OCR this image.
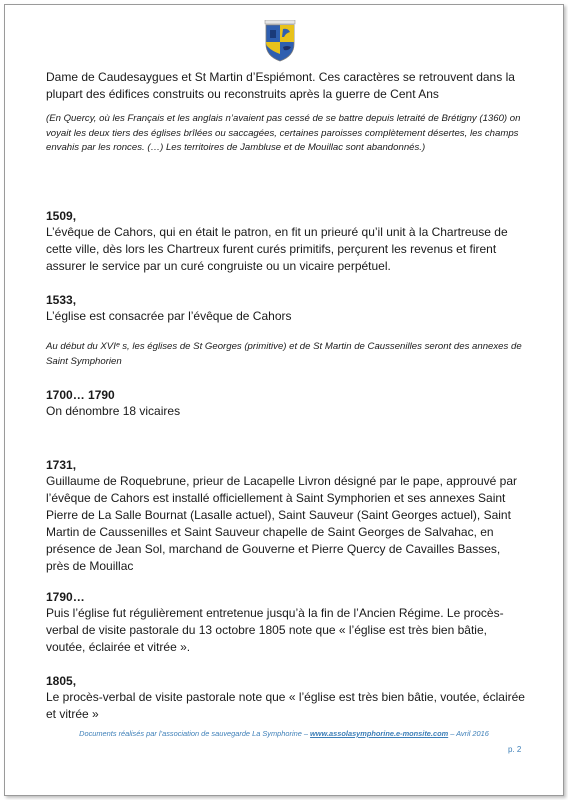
Dame de Caudesaygues et St Martin d’Espiémont. Ces caractères se retrouvent dans la plupart des édifices construits ou reconstruits après la guerre de Cent Ans

(En Quercy, où les Français et les anglais n’avaient pas cessé de se battre depuis letraité de Brétigny (1360) on voyait les deux tiers des églises brîlées ou saccagées, certaines paroisses complètement désertes, les champs envahis par les ronces. (…) Les territoires de Jambluse et de Mouillac sont abandonnés.)

1509,

L’évêque de Cahors, qui en était le patron, en fit un prieuré qu’il unit à la Chartreuse de cette ville, dès lors les Chartreux furent curés primitifs, perçurent les revenus et firent assurer le service par un curé congruiste ou un vicaire perpétuel.

1533,

L’église est consacrée par l’évêque de Cahors

Au début du XVIᵉ s, les églises de St Georges (primitive) et de St Martin de Caussenilles seront des annexes de Saint Symphorien

1700… 1790

On dénombre 18 vicaires

1731,

Guillaume de Roquebrune, prieur de Lacapelle Livron désigné par le pape, approuvé par l’évêque de Cahors est installé officiellement à Saint Symphorien et ses annexes Saint Pierre de La Salle Bournat (Lasalle actuel), Saint Sauveur (Saint Georges actuel), Saint Martin de Caussenilles et Saint Sauveur chapelle de Saint Georges de Salvahac, en présence de Jean Sol, marchand de Gouverne et Pierre Quercy de Cavailles Basses, près de Mouillac

1790…

Puis l’église fut régulièrement entretenue jusqu’à la fin de l’Ancien Régime. Le procès-verbal de visite pastorale du 13 octobre 1805 note que « l’église est très bien bâtie, voutée, éclairée et vitrée ».

1805,

Le procès-verbal de visite pastorale note que « l’église est très bien bâtie, voutée, éclairée et vitrée »

Documents réalisés par l’association de sauvegarde La Symphorine – www.assolasymphorine.e-monsite.com – Avril 2016
p. 2
